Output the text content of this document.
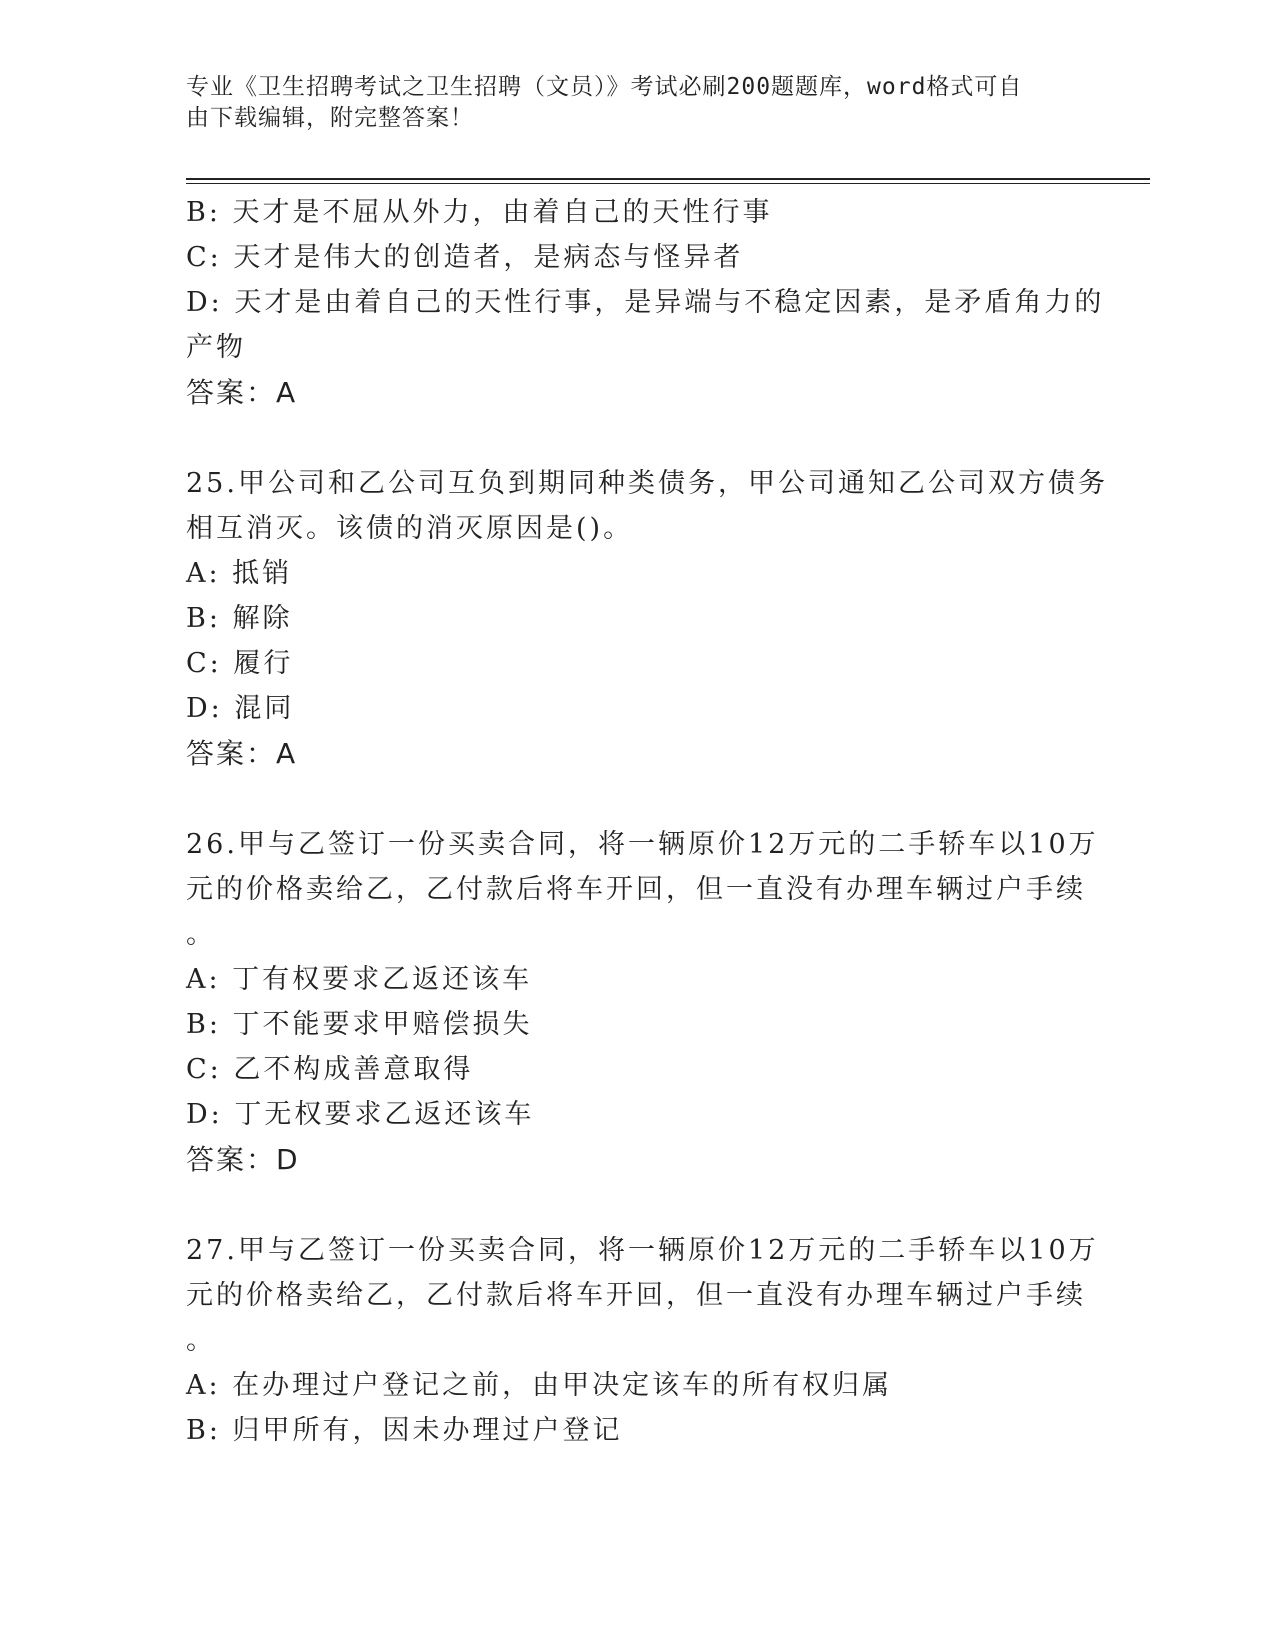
专业《卫生招聘考试之卫生招聘（文员）》考试必刷200题题库，word格式可自
由下载编辑，附完整答案！
B: 天才是不屈从外力，由着自己的天性行事
C: 天才是伟大的创造者，是病态与怪异者
D: 天才是由着自己的天性行事，是异端与不稳定因素，是矛盾角力的
产物
答案：A
25.甲公司和乙公司互负到期同种类债务，甲公司通知乙公司双方债务
相互消灭。该债的消灭原因是()。
A: 抵销
B: 解除
C: 履行
D: 混同
答案：A
26.甲与乙签订一份买卖合同，将一辆原价12万元的二手轿车以10万
元的价格卖给乙，乙付款后将车开回，但一直没有办理车辆过户手续
。
A: 丁有权要求乙返还该车
B: 丁不能要求甲赔偿损失
C: 乙不构成善意取得
D: 丁无权要求乙返还该车
答案：D
27.甲与乙签订一份买卖合同，将一辆原价12万元的二手轿车以10万
元的价格卖给乙，乙付款后将车开回，但一直没有办理车辆过户手续
。
A: 在办理过户登记之前，由甲决定该车的所有权归属
B: 归甲所有，因未办理过户登记
